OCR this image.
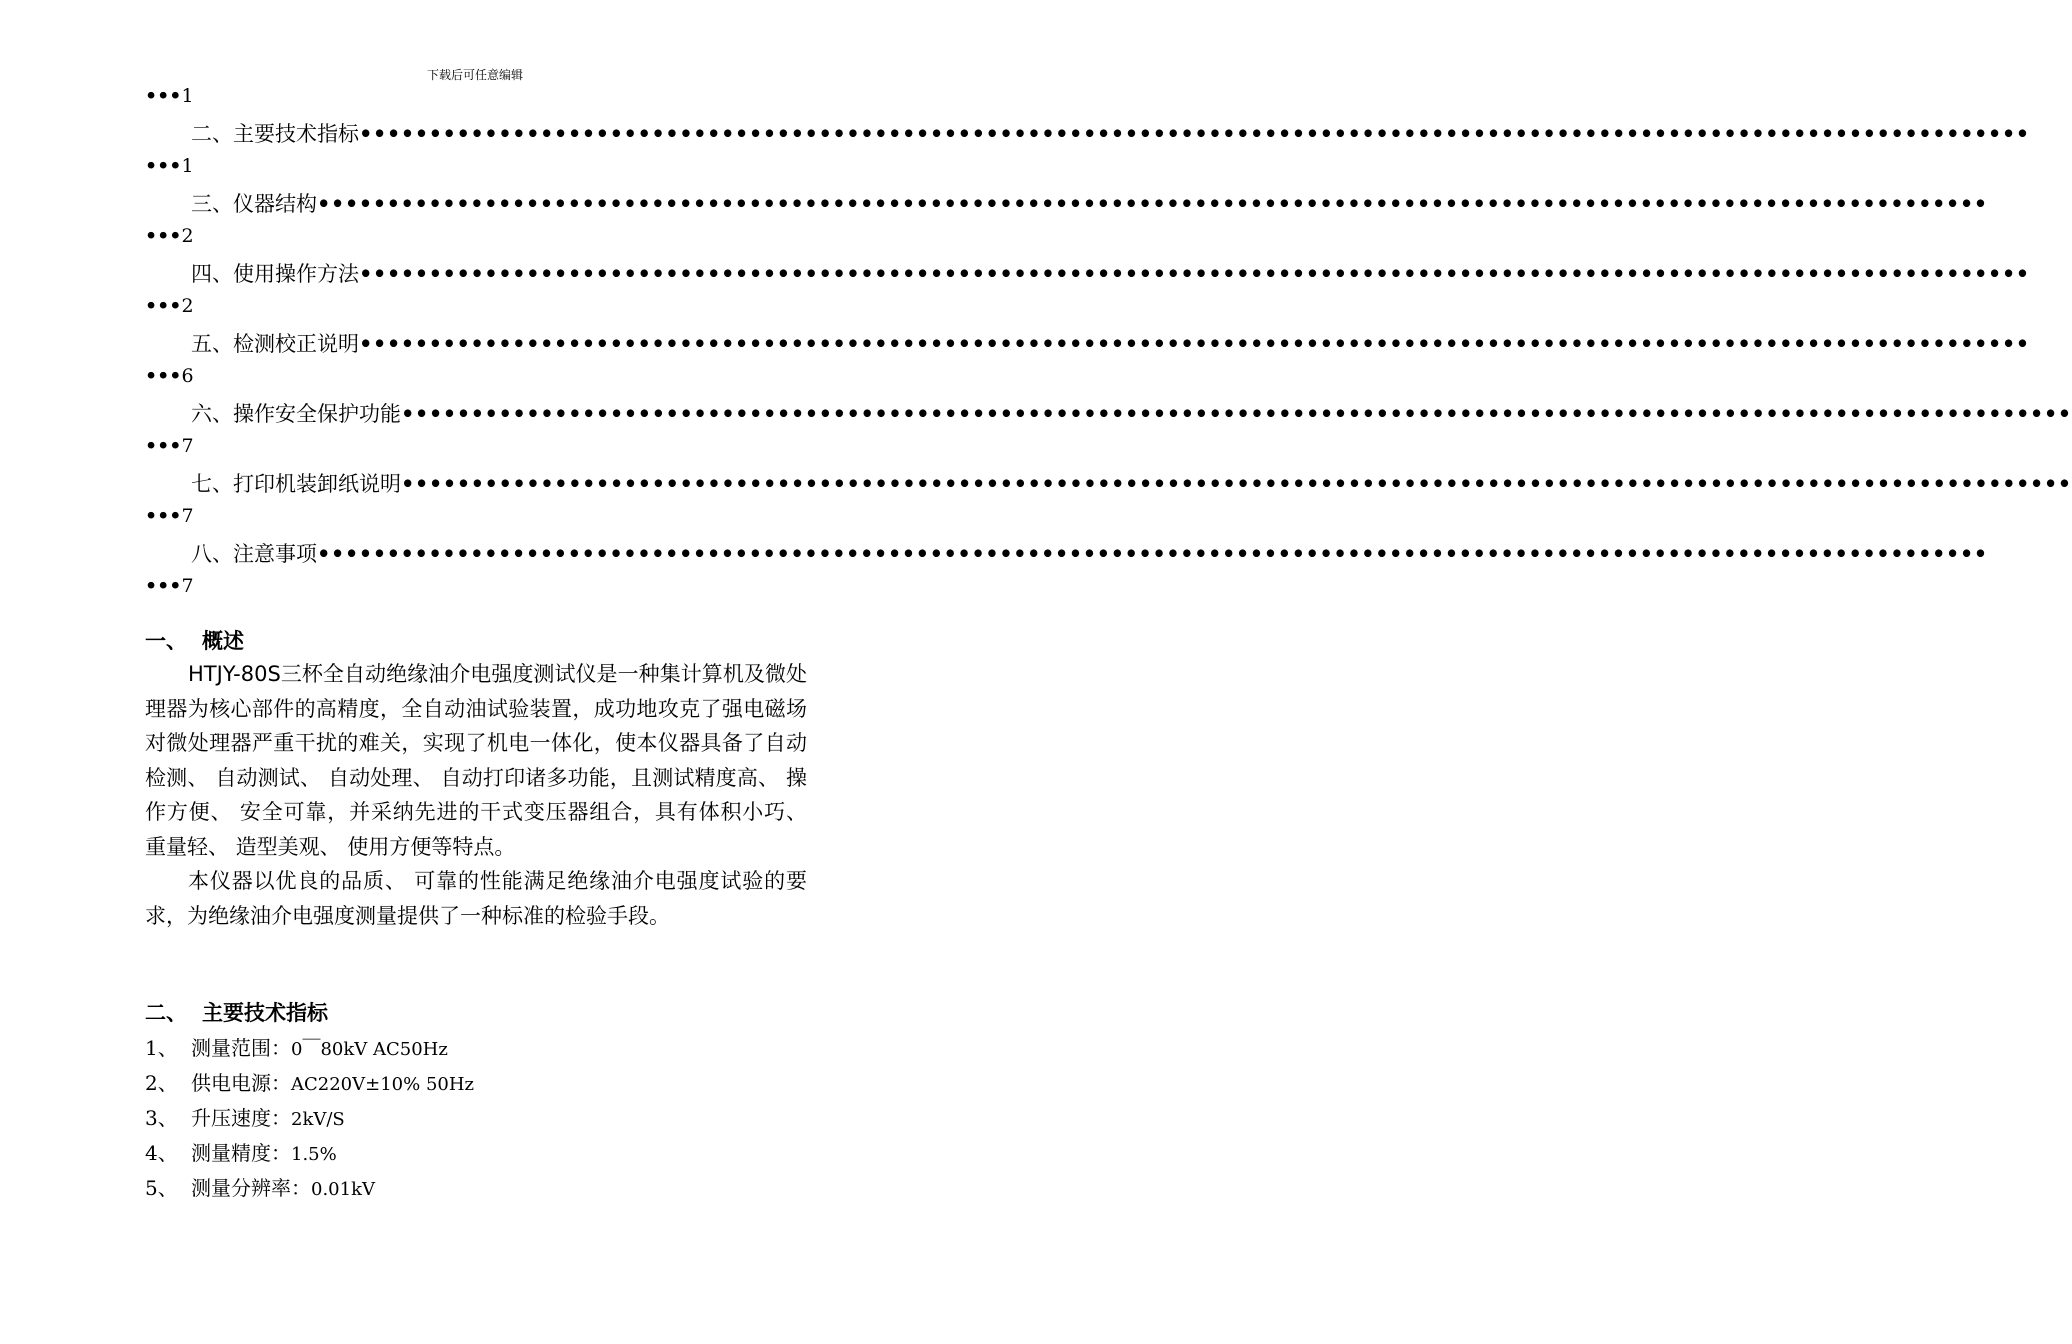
下载后可任意编辑
•••1
二、 主要技术指标 ••••••••••••••••••••••••••••••••••••••••••••••••••••••••••••••••••••••••••••••••••••••••••••••••••••••••••••••••••••••••
•••1
三、 仪器结构 ••••••••••••••••••••••••••••••••••••••••••••••••••••••••••••••••••••••••••••••••••••••••••••••••••••••••••••••••••••••••
•••2
四、 使用操作方法 ••••••••••••••••••••••••••••••••••••••••••••••••••••••••••••••••••••••••••••••••••••••••••••••••••••••••••••••••••••••••
•••2
五、 检测校正说明 ••••••••••••••••••••••••••••••••••••••••••••••••••••••••••••••••••••••••••••••••••••••••••••••••••••••••••••••••••••••••
•••6
六、 操作安全保护功能 ••••••••••••••••••••••••••••••••••••••••••••••••••••••••••••••••••••••••••••••••••••••••••••••••••••••••••••••••••••••••
•••7
七、 打印机装卸纸说明 ••••••••••••••••••••••••••••••••••••••••••••••••••••••••••••••••••••••••••••••••••••••••••••••••••••••••••••••••••••••••
•••7
八、 注意事项 ••••••••••••••••••••••••••••••••••••••••••••••••••••••••••••••••••••••••••••••••••••••••••••••••••••••••••••••••••••••••
•••7
一、 概述

HTJY-80S三杯全自动绝缘油介电强度测试仪是一种集计算机及微处理器为核心部件的高精度，全自动油试验装置，成功地攻克了强电磁场对微处理器严重干扰的难关，实现了机电一体化，使本仪器具备了自动检测、 自动测试、 自动处理、 自动打印诸多功能，且测试精度高、 操作方便、 安全可靠，并采纳先进的干式变压器组合，具有体积小巧、 重量轻、 造型美观、 使用方便等特点。

本仪器以优良的品质、 可靠的性能满足绝缘油介电强度试验的要求，为绝缘油介电强度测量提供了一种标准的检验手段。

二、 主要技术指标
1、 测量范围：0￣80kV AC50Hz
2、 供电电源：AC220V±10% 50Hz
3、 升压速度：2kV/S
4、 测量精度：1.5%
5、 测量分辨率：0.01kV
